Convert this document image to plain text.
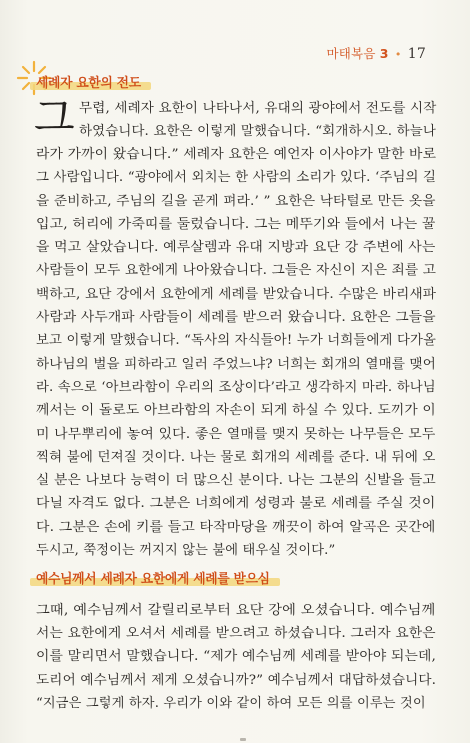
마태복음 3 • 17
세례자 요한의 전도
그 무렵, 세례자 요한이 나타나서, 유대의 광야에서 전도를 시작
하였습니다. 요한은 이렇게 말했습니다. “회개하시오. 하늘나
라가 가까이 왔습니다.” 세례자 요한은 예언자 이사야가 말한 바로
그 사람입니다. “광야에서 외치는 한 사람의 소리가 있다. ‘주님의 길
을 준비하고, 주님의 길을 곧게 펴라.’ ” 요한은 낙타털로 만든 옷을
입고, 허리에 가죽띠를 둘렀습니다. 그는 메뚜기와 들에서 나는 꿀
을 먹고 살았습니다. 예루살렘과 유대 지방과 요단 강 주변에 사는
사람들이 모두 요한에게 나아왔습니다. 그들은 자신이 지은 죄를 고
백하고, 요단 강에서 요한에게 세례를 받았습니다. 수많은 바리새파
사람과 사두개파 사람들이 세례를 받으러 왔습니다. 요한은 그들을
보고 이렇게 말했습니다. “독사의 자식들아! 누가 너희들에게 다가올
하나님의 벌을 피하라고 일러 주었느냐? 너희는 회개의 열매를 맺어
라. 속으로 ‘아브라함이 우리의 조상이다’라고 생각하지 마라. 하나님
께서는 이 돌로도 아브라함의 자손이 되게 하실 수 있다. 도끼가 이
미 나무뿌리에 놓여 있다. 좋은 열매를 맺지 못하는 나무들은 모두
찍혀 불에 던져질 것이다. 나는 물로 회개의 세례를 준다. 내 뒤에 오
실 분은 나보다 능력이 더 많으신 분이다. 나는 그분의 신발을 들고
다닐 자격도 없다. 그분은 너희에게 성령과 불로 세례를 주실 것이
다. 그분은 손에 키를 들고 타작마당을 깨끗이 하여 알곡은 곳간에
두시고, 쭉정이는 꺼지지 않는 불에 태우실 것이다.”
예수님께서 세례자 요한에게 세례를 받으심
그때, 예수님께서 갈릴리로부터 요단 강에 오셨습니다. 예수님께
서는 요한에게 오셔서 세례를 받으려고 하셨습니다. 그러자 요한은
이를 말리면서 말했습니다. “제가 예수님께 세례를 받아야 되는데,
도리어 예수님께서 제게 오셨습니까?” 예수님께서 대답하셨습니다.
“지금은 그렇게 하자. 우리가 이와 같이 하여 모든 의를 이루는 것이
